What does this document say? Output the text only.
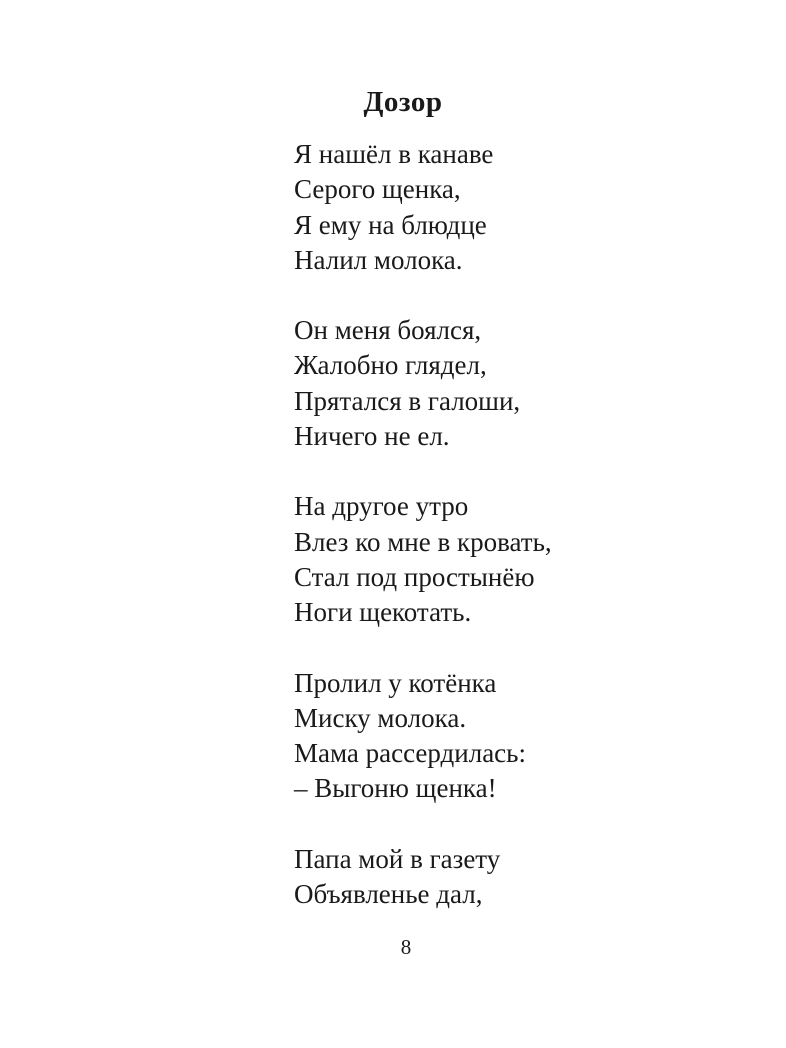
Дозор
Я нашёл в канаве
Серого щенка,
Я ему на блюдце
Налил молока.
Он меня боялся,
Жалобно глядел,
Прятался в галоши,
Ничего не ел.
На другое утро
Влез ко мне в кровать,
Стал под простынёю
Ноги щекотать.
Пролил у котёнка
Миску молока.
Мама рассердилась:
– Выгоню щенка!
Папа мой в газету
Объявленье дал,
8
